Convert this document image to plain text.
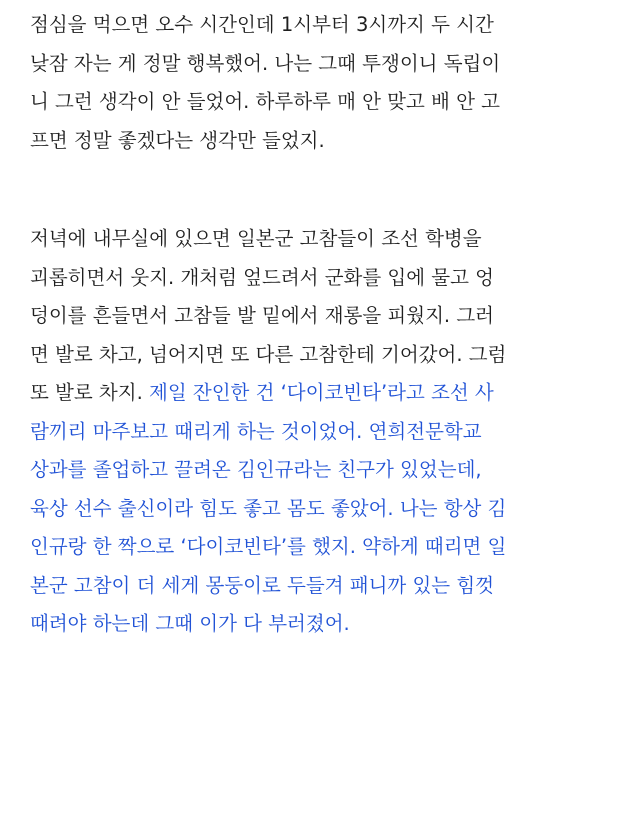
점심을 먹으면 오수 시간인데 1시부터 3시까지 두 시간
낮잠 자는 게 정말 행복했어. 나는 그때 투쟁이니 독립이
니 그런 생각이 안 들었어. 하루하루 매 안 맞고 배 안 고
프면 정말 좋겠다는 생각만 들었지.

저녁에 내무실에 있으면 일본군 고참들이 조선 학병을
괴롭히면서 웃지. 개처럼 엎드려서 군화를 입에 물고 엉
덩이를 흔들면서 고참들 발 밑에서 재롱을 피웠지. 그러
면 발로 차고, 넘어지면 또 다른 고참한테 기어갔어. 그럼
또 발로 차지. 제일 잔인한 건 ‘다이코빈타’라고 조선 사
람끼리 마주보고 때리게 하는 것이었어. 연희전문학교
상과를 졸업하고 끌려온 김인규라는 친구가 있었는데,
육상 선수 출신이라 힘도 좋고 몸도 좋았어. 나는 항상 김
인규랑 한 짝으로 ‘다이코빈타’를 했지. 약하게 때리면 일
본군 고참이 더 세게 몽둥이로 두들겨 패니까 있는 힘껏
때려야 하는데 그때 이가 다 부러졌어.
